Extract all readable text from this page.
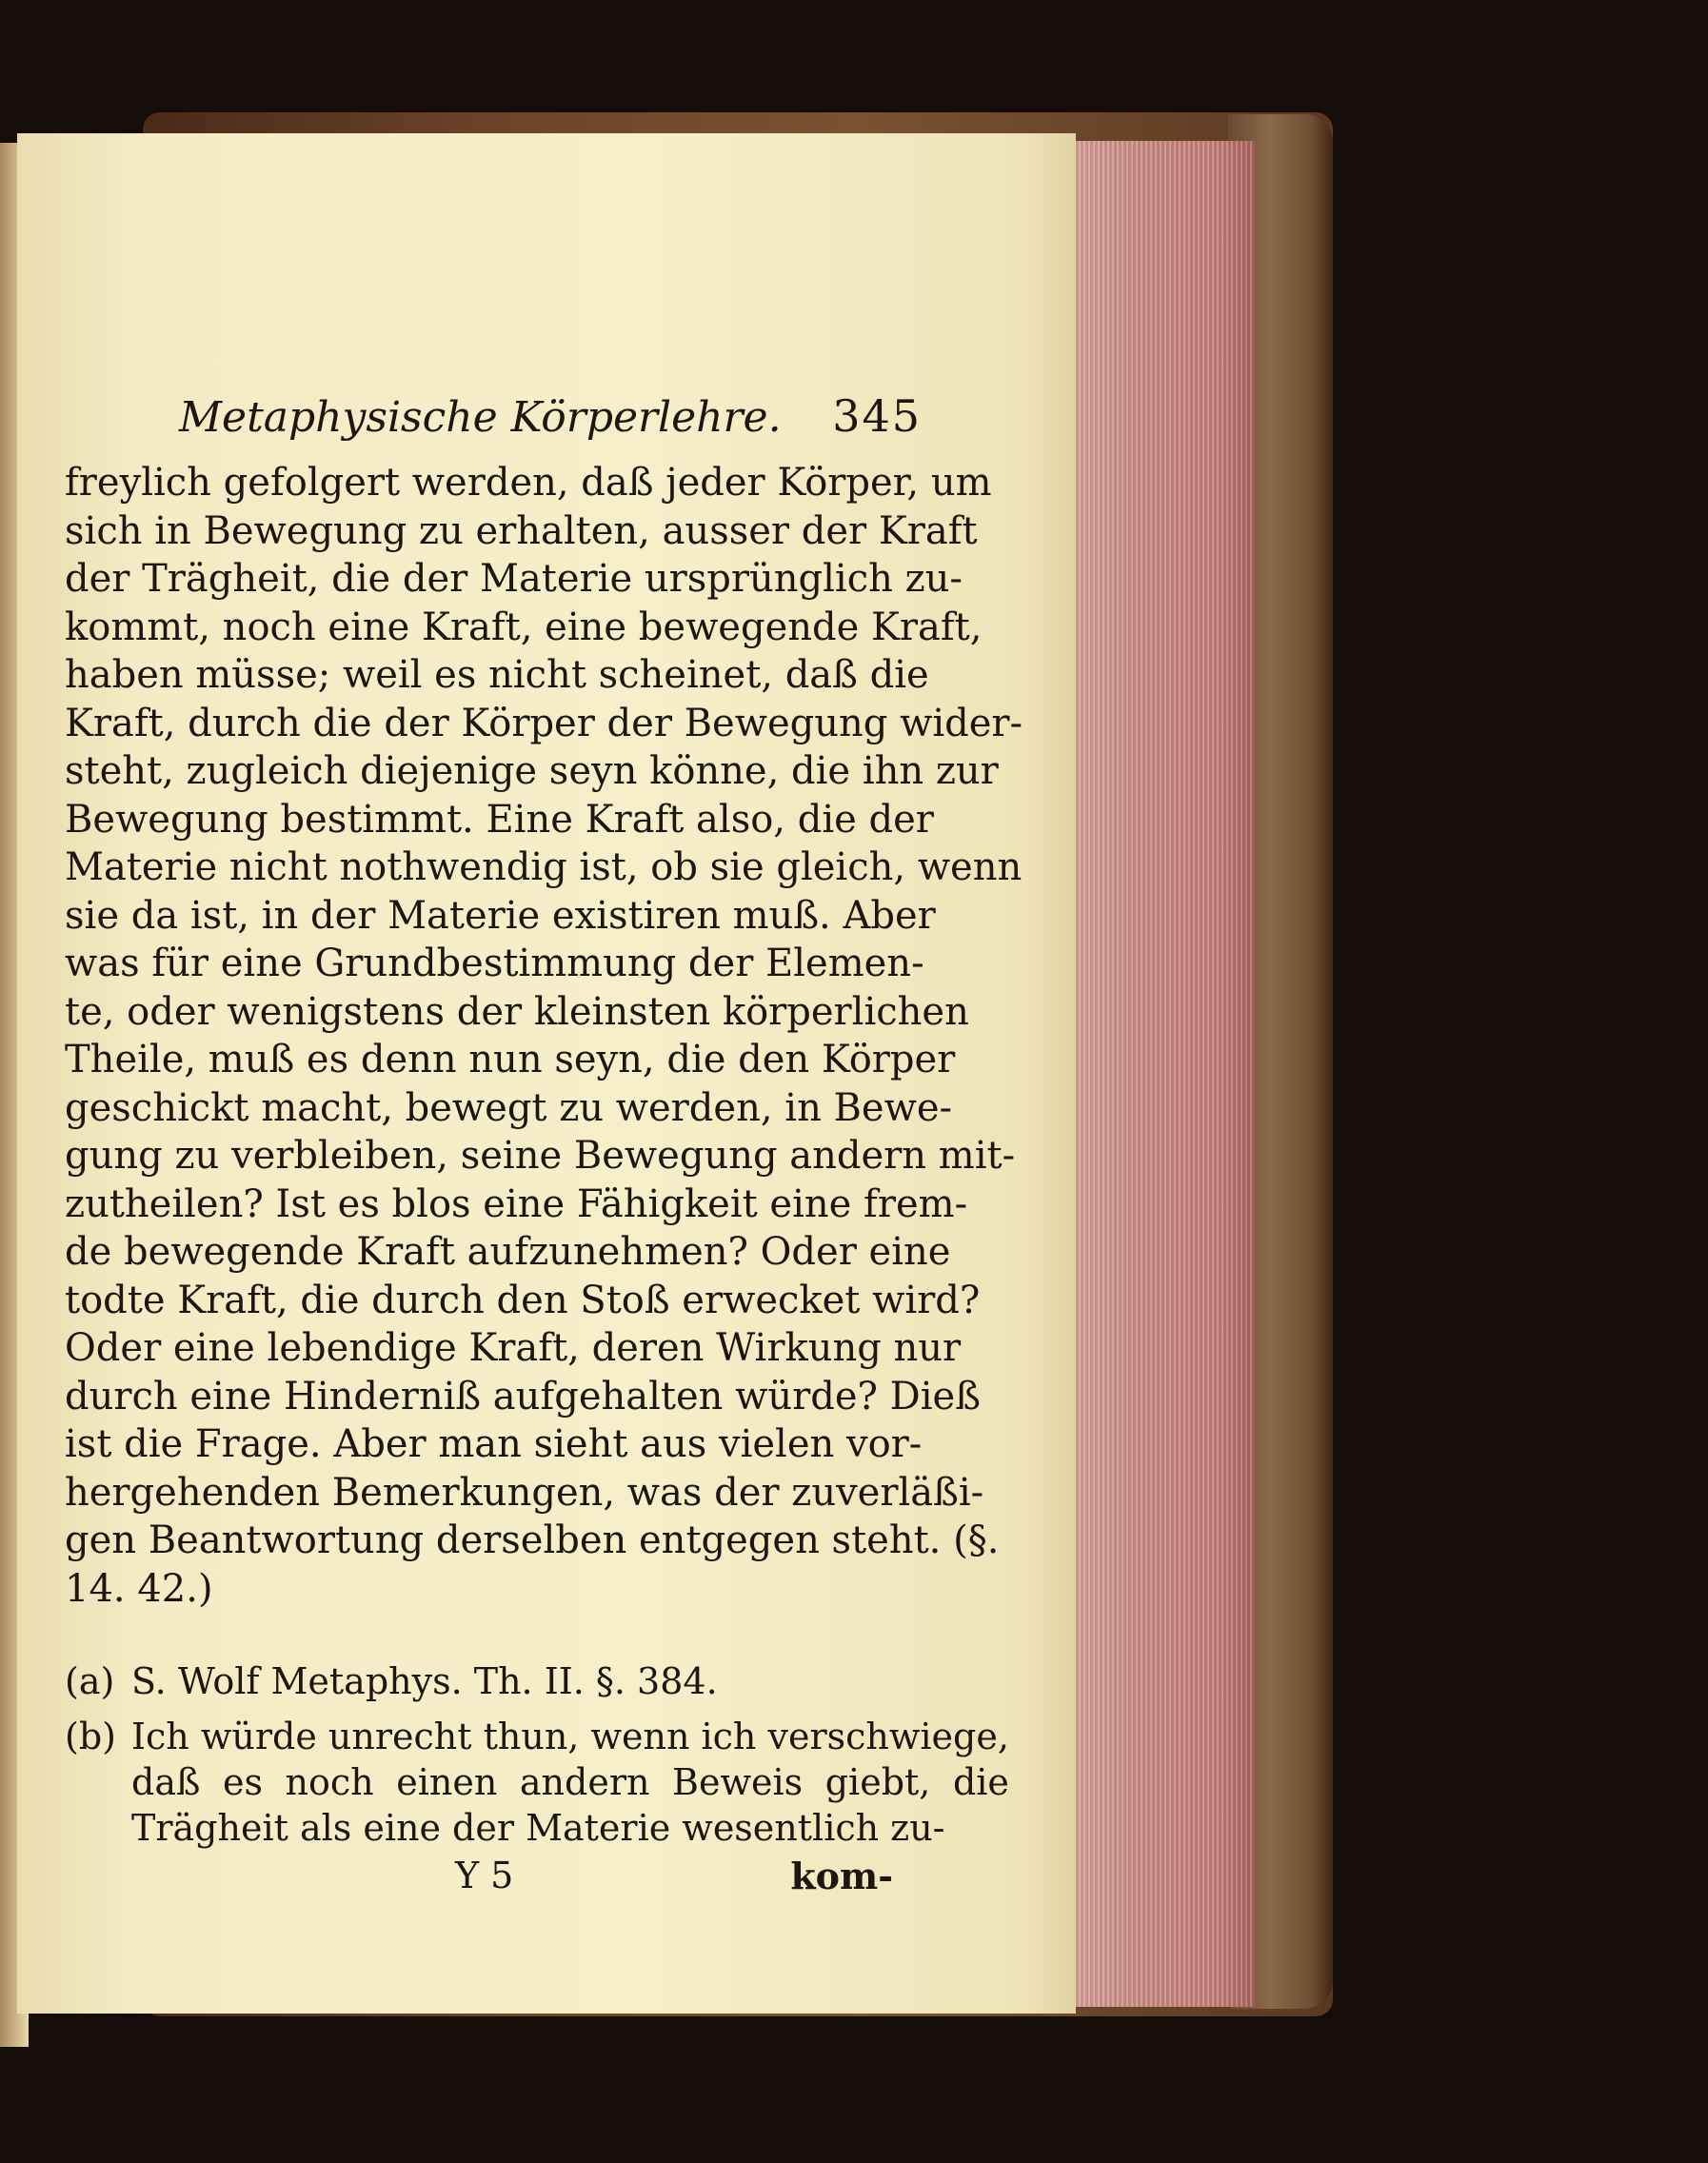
Metaphysische Körperlehre. 345
freylich gefolgert werden, daß jeder Körper, um
sich in Bewegung zu erhalten, ausser der Kraft
der Trägheit, die der Materie ursprünglich zu-
kommt, noch eine Kraft, eine bewegende Kraft,
haben müsse; weil es nicht scheinet, daß die
Kraft, durch die der Körper der Bewegung wider-
steht, zugleich diejenige seyn könne, die ihn zur
Bewegung bestimmt. Eine Kraft also, die der
Materie nicht nothwendig ist, ob sie gleich, wenn
sie da ist, in der Materie existiren muß. Aber
was für eine Grundbestimmung der Elemen-
te, oder wenigstens der kleinsten körperlichen
Theile, muß es denn nun seyn, die den Körper
geschickt macht, bewegt zu werden, in Bewe-
gung zu verbleiben, seine Bewegung andern mit-
zutheilen? Ist es blos eine Fähigkeit eine frem-
de bewegende Kraft aufzunehmen? Oder eine
todte Kraft, die durch den Stoß erwecket wird?
Oder eine lebendige Kraft, deren Wirkung nur
durch eine Hinderniß aufgehalten würde? Dieß
ist die Frage. Aber man sieht aus vielen vor-
hergehenden Bemerkungen, was der zuverläßi-
gen Beantwortung derselben entgegen steht. (§.
14. 42.)
(a) S. Wolf Metaphys. Th. II. §. 384.
(b) Ich würde unrecht thun, wenn ich verschwiege,
daß es noch einen andern Beweis giebt, die
Trägheit als eine der Materie wesentlich zu-
Y 5	kom-
